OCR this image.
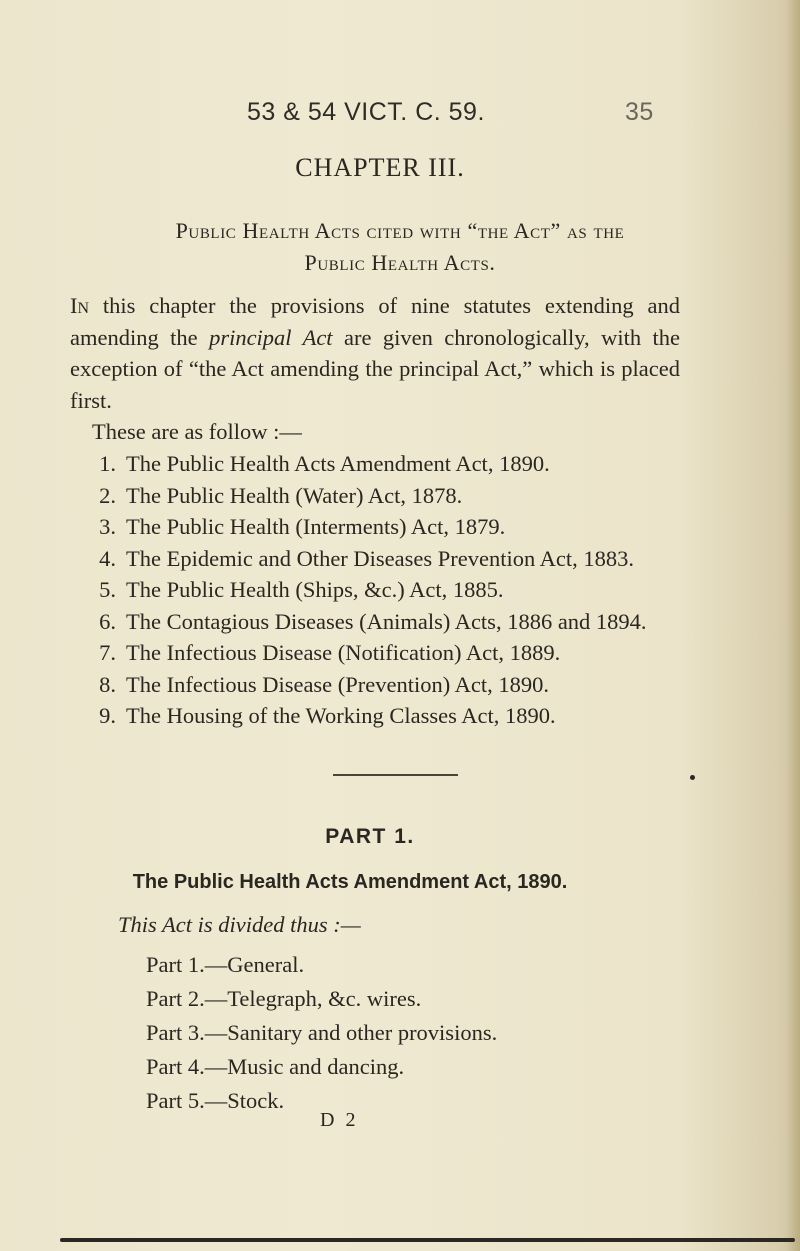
53 & 54 VICT. C. 59.	35
CHAPTER III.
Public Health Acts cited with “the Act” as the
Public Health Acts.
In this chapter the provisions of nine statutes extending and amending the principal Act are given chronologically, with the exception of “the Act amending the principal Act,” which is placed first.
These are as follow :—
1. The Public Health Acts Amendment Act, 1890.
2. The Public Health (Water) Act, 1878.
3. The Public Health (Interments) Act, 1879.
4. The Epidemic and Other Diseases Prevention Act, 1883.
5. The Public Health (Ships, &c.) Act, 1885.
6. The Contagious Diseases (Animals) Acts, 1886 and 1894.
7. The Infectious Disease (Notification) Act, 1889.
8. The Infectious Disease (Prevention) Act, 1890.
9. The Housing of the Working Classes Act, 1890.
PART 1.
The Public Health Acts Amendment Act, 1890.
This Act is divided thus :—
Part 1.—General.
Part 2.—Telegraph, &c. wires.
Part 3.—Sanitary and other provisions.
Part 4.—Music and dancing.
Part 5.—Stock.
D 2
